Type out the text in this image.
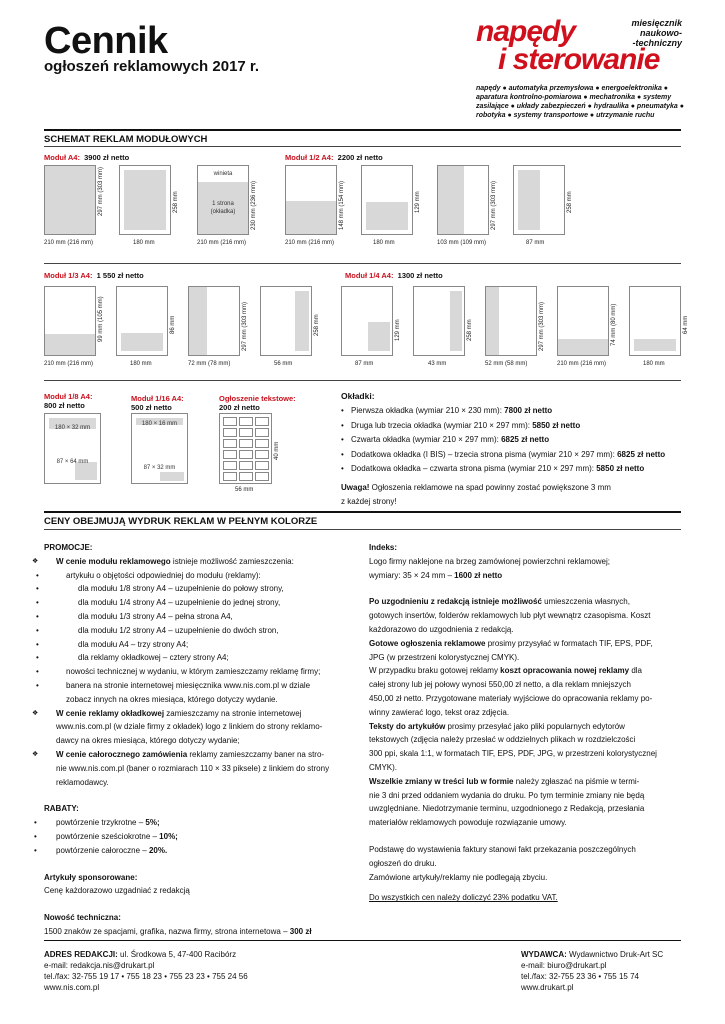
Cennik
ogłoszeń reklamowych 2017 r.
napędy
i sterowanie
miesięcznik
naukowo-
-techniczny
napędy ● automatyka przemysłowa ● energoelektronika ● aparatura kontrolno-pomiarowa ● mechatronika ● systemy zasilające ● układy zabezpieczeń ● hydraulika ● pneumatyka ● robotyka ● systemy transportowe ● utrzymanie ruchu
SCHEMAT REKLAM MODUŁOWYCH
Moduł A4: 3900 zł netto	Moduł 1/2 A4: 2200 zł netto
297 mm (303 mm)
210 mm (216 mm)
258 mm
180 mm
winieta
1 strona (okładka)	230 mm (236 mm)
210 mm (216 mm)
148 mm (154 mm)
210 mm (216 mm)
129 mm
180 mm
297 mm (303 mm)
103 mm (109 mm)
258 mm
87 mm
Moduł 1/3 A4: 1 550 zł netto	Moduł 1/4 A4: 1300 zł netto
99 mm (105 mm)
210 mm (216 mm)
86 mm
180 mm
297 mm (303 mm)
72 mm (78 mm)
258 mm
56 mm
129 mm
87 mm
258 mm
43 mm
297 mm (303 mm)
52 mm (58 mm)
74 mm (80 mm)
210 mm (216 mm)
64 mm
180 mm
Moduł 1/8 A4:
800 zł netto
180 × 32 mm
87 × 64 mm
Moduł 1/16 A4:
500 zł netto
180 × 16 mm
87 × 32 mm
Ogłoszenie tekstowe:
200 zł netto
40 mm
56 mm
Okładki:
• Pierwsza okładka (wymiar 210 × 230 mm): 7800 zł netto
• Druga lub trzecia okładka (wymiar 210 × 297 mm): 5850 zł netto
• Czwarta okładka (wymiar 210 × 297 mm): 6825 zł netto
• Dodatkowa okładka (I BIS) – trzecia strona pisma (wymiar 210 × 297 mm): 6825 zł netto
• Dodatkowa okładka – czwarta strona pisma (wymiar 210 × 297 mm): 5850 zł netto
Uwaga! Ogłoszenia reklamowe na spad powinny zostać powiększone 3 mm
z każdej strony!
CENY OBEJMUJĄ WYDRUK REKLAM W PEŁNYM KOLORZE

PROMOCJE:

❖ W cenie modułu reklamowego istnieje możliwość zamieszczenia:

• artykułu o objętości odpowiedniej do modułu (reklamy):

• dla modułu 1/8 strony A4 – uzupełnienie do połowy strony,

• dla modułu 1/4 strony A4 – uzupełnienie do jednej strony,

• dla modułu 1/3 strony A4 – pełna strona A4,

• dla modułu 1/2 strony A4 – uzupełnienie do dwóch stron,

• dla modułu A4 – trzy strony A4;

• dla reklamy okładkowej – cztery strony A4;

• nowości technicznej w wydaniu, w którym zamieszczamy reklamę firmy;

• banera na stronie internetowej miesięcznika www.nis.com.pl w dziale

zobacz innych na okres miesiąca, którego dotyczy wydanie.

❖ W cenie reklamy okładkowej zamieszczamy na stronie internetowej

www.nis.com.pl (w dziale firmy z okładek) logo z linkiem do strony reklamo-

dawcy na okres miesiąca, którego dotyczy wydanie;

❖ W cenie całorocznego zamówienia reklamy zamieszczamy baner na stro-

nie www.nis.com.pl (baner o rozmiarach 110 × 33 piksele) z linkiem do strony

reklamodawcy.

RABATY:

• powtórzenie trzykrotne – 5%;

• powtórzenie sześciokrotne – 10%;

• powtórzenie całoroczne – 20%.

Artykuły sponsorowane:

Cenę każdorazowo uzgadniać z redakcją

Nowość techniczna:

1500 znaków ze spacjami, grafika, nazwa firmy, strona internetowa – 300 zł

Indeks:

Logo firmy naklejone na brzeg zamówionej powierzchni reklamowej;

wymiary: 35 × 24 mm – 1600 zł netto

Po uzgodnieniu z redakcją istnieje możliwość umieszczenia własnych,

gotowych insertów, folderów reklamowych lub płyt wewnątrz czasopisma. Koszt

każdorazowo do uzgodnienia z redakcją.

Gotowe ogłoszenia reklamowe prosimy przysyłać w formatach TIF, EPS, PDF,

JPG (w przestrzeni kolorystycznej CMYK).

W przypadku braku gotowej reklamy koszt opracowania nowej reklamy dla

całej strony lub jej połowy wynosi 550,00 zł netto, a dla reklam mniejszych

450,00 zł netto. Przygotowane materiały wyjściowe do opracowania reklamy po-

winny zawierać logo, tekst oraz zdjęcia.

Teksty do artykułów prosimy przesyłać jako pliki popularnych edytorów

tekstowych (zdjęcia należy przesłać w oddzielnych plikach w rozdzielczości

300 ppi, skala 1:1, w formatach TIF, EPS, PDF, JPG, w przestrzeni kolorystycznej

CMYK).

Wszelkie zmiany w treści lub w formie należy zgłaszać na piśmie w termi-

nie 3 dni przed oddaniem wydania do druku. Po tym terminie zmiany nie będą

uwzględniane. Niedotrzymanie terminu, uzgodnionego z Redakcją, przesłania

materiałów reklamowych powoduje rozwiązanie umowy.

Podstawę do wystawienia faktury stanowi fakt przekazania poszczególnych

ogłoszeń do druku.

Zamówione artykuły/reklamy nie podlegają zbyciu.

Do wszystkich cen należy doliczyć 23% podatku VAT.

ADRES REDAKCJI: ul. Środkowa 5, 47-400 Racibórz
e-mail: redakcja.nis@drukart.pl
tel./fax: 32-755 19 17 • 755 18 23 • 755 23 23 • 755 24 56
www.nis.com.pl
WYDAWCA: Wydawnictwo Druk-Art SC
e-mail: biuro@drukart.pl
tel./fax: 32-755 23 36 • 755 15 74
www.drukart.pl
